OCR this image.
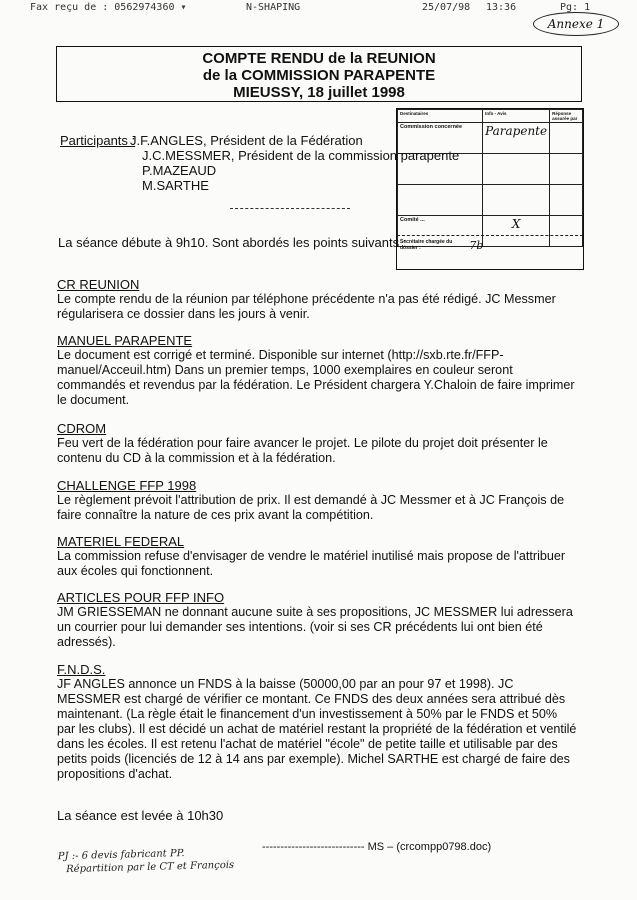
Fax reçu de : 0562974360 ▾	N-SHAPING	25/07/98 13:36	Pg: 1
Annexe 1
COMPTE RENDU de la REUNION
de la COMMISSION PARAPENTE
MIEUSSY, 18 juillet 1998
Destinataires	Info - Avis	Réponse assurée par
Commission concernée	Parapente	

Comité ...	X	
Secrétaire chargée du dossier :	7b
Participants :
J.F.ANGLES, Président de la Fédération
J.C.MESSMER, Président de la commission parapente
P.MAZEAUD
M.SARTHE
La séance débute à 9h10. Sont abordés les points suivants :
CR REUNION

Le compte rendu de la réunion par téléphone précédente n'a pas été rédigé. JC Messmer régularisera ce dossier dans les jours à venir.

MANUEL PARAPENTE

Le document est corrigé et terminé. Disponible sur internet (http://sxb.rte.fr/FFP-manuel/Acceuil.htm) Dans un premier temps, 1000 exemplaires en couleur seront commandés et revendus par la fédération. Le Président chargera Y.Chaloin de faire imprimer le document.

CDROM

Feu vert de la fédération pour faire avancer le projet. Le pilote du projet doit présenter le contenu du CD à la commission et à la fédération.

CHALLENGE FFP 1998

Le règlement prévoit l'attribution de prix. Il est demandé à JC Messmer et à JC François de faire connaître la nature de ces prix avant la compétition.

MATERIEL FEDERAL

La commission refuse d'envisager de vendre le matériel inutilisé mais propose de l'attribuer aux écoles qui fonctionnent.

ARTICLES POUR FFP INFO

JM GRIESSEMAN ne donnant aucune suite à ses propositions, JC MESSMER lui adressera un courrier pour lui demander ses intentions. (voir si ses CR précédents lui ont bien été adressés).

F.N.D.S.

JF ANGLES annonce un FNDS à la baisse (50000,00 par an pour 97 et 1998). JC MESSMER est chargé de vérifier ce montant. Ce FNDS des deux années sera attribué dès maintenant. (La règle était le financement d'un investissement à 50% par le FNDS et 50% par les clubs). Il est décidé un achat de matériel restant la propriété de la fédération et ventilé dans les écoles. Il est retenu l'achat de matériel "école" de petite taille et utilisable par des petits poids (licenciés de 12 à 14 ans par exemple). Michel SARTHE est chargé de faire des propositions d'achat.

La séance est levée à 10h30
---------------------------- MS – (crcompp0798.doc)
PJ :- 6 devis fabricant PP.
Répartition par le CT et François
